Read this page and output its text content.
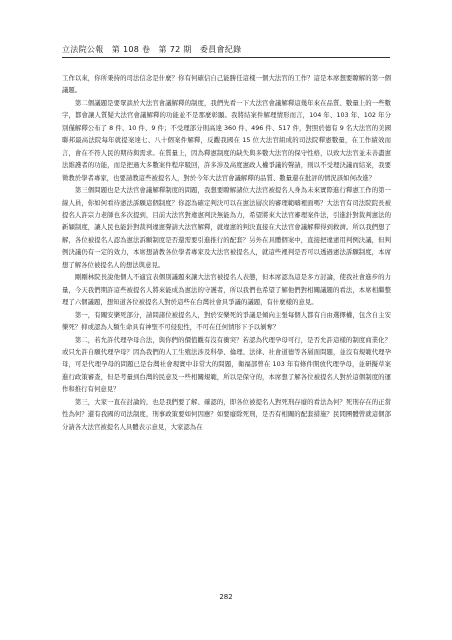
立法院公報　第 108 卷　第 72 期　委員會紀錄

工作以來，你所秉持的司法信念是什麼？你有何確信自己能勝任這樣一個大法官的工作？這是本席想要瞭解的第一個議題。

　　第二個議題是要眾談於大法官會議解釋的制度，我們先看一下大法官會議解釋這幾年來在品質、數量上的一些數字，都會讓人質疑大法官會議解釋的功能並不是那麼彰顯。我將結案件解理情形而言，104 年、103 年、102 年分別僅解釋公布了 8 件、10 件、9 件；不受理部分則高達 360 件、496 件、517 件，對照於德有 9 名大法官的美國聯邦最高法院每年就提案達七、八十個案件解釋，反觀我國在 15 位大法官組成的司法院釋憲數量，在工作績效而言，會在不符人民的期待與需求。在質量上，因為釋憲制度的缺失與多數大法官的保守性格，以致大法官並未善盡憲法維護者的功能，而是把過大多數案件程序駁回，許多涉及高度憲政人權爭議的聲請，則以不受理決議而結案，我要徵教於學者專家，也要請教這些被提名人，對於今年大法官會議解釋的品質、數量還在批評的情況該如何改進？

　　第三個問題也是大法官會議解釋制度的問題，我想要瞭解諸位大法官被提名人身為未來實際進行釋憲工作的第一線人員，你如何看待憲法訴願這個制度？你認為確定判決可以在憲法層次的審理範疇裡面嗎？大法官有司法院院長被提名人許宗力老師也多次提到，目前大法官對違憲判決無能為力，希望將來大法官審理案件法，引進針對裁判憲法的新穎制度，讓人民也能針對裁判違憲聲請大法官解釋，就違憲的判決直接在大法官會議解釋得到救濟。所以我們想了解，各位被提名人認為憲法訴願制度是否還需要引進推行的配套？另外在具體個案中，直接把違憲用判例決議，但判例決議仍有一定的效力，本席想請教各位學者專家及大法官被提名人，就這些裡判是否可以透過憲法訴願制度，本席想了解各位被提名人的想法與意見。

　　剛剛林院長說他個人不適宜表個別議題來讓大法官被提名人表態，但本席認為這是多方討論，使我社會進步的力量，今天我們期許這些被提名人將來能成為憲法的守護者，所以我們也希望了解他們對相關議題的看法，本席相繼整理了六個議題，想知道各位被提名人對於這些在台灣社會具爭議的議題，有什麼樣的意見。

　　第一，有關安樂死部分，請問諸位被提名人，對於安樂死的爭議是傾向主張每個人都有自由選擇權，包含自主安樂死？抑或認為人類生命具有神聖不可侵犯性，不可在任何情形下予以剝奪？

　　第二，若允許代理孕母合法，與你們的價值觀有沒有衝突？若認為代理孕母可行，是否允許這樣的制度商業化？或只允許自願代理孕母？因為我們的人工生殖法涉及科學、倫理、法律、社會道德等各層面問題，並沒有規範代理孕母，可是代理孕母的問題已是台灣社會現實中非常大的問題，衛福部曾在 103 年有條件開放代理孕母，並研擬草案進行政策審查，但是考量到台灣的民意及一些相關規範，所以是保守的，本席想了解各位被提名人對於這個制度的運作和推行有何意見？

　　第三，大家一直在討論的，也是我們要了解、確認的，即各位被提名人對死刑存廢的看法為何？死刑存在的正當性為何？還有我國的司法制度，刑事政策要如何因應？如要廢除死刑，是否有相關的配套措施？民間團體曾就這個部分請各大法官被提名人具體表示意見，大家認為在

282
